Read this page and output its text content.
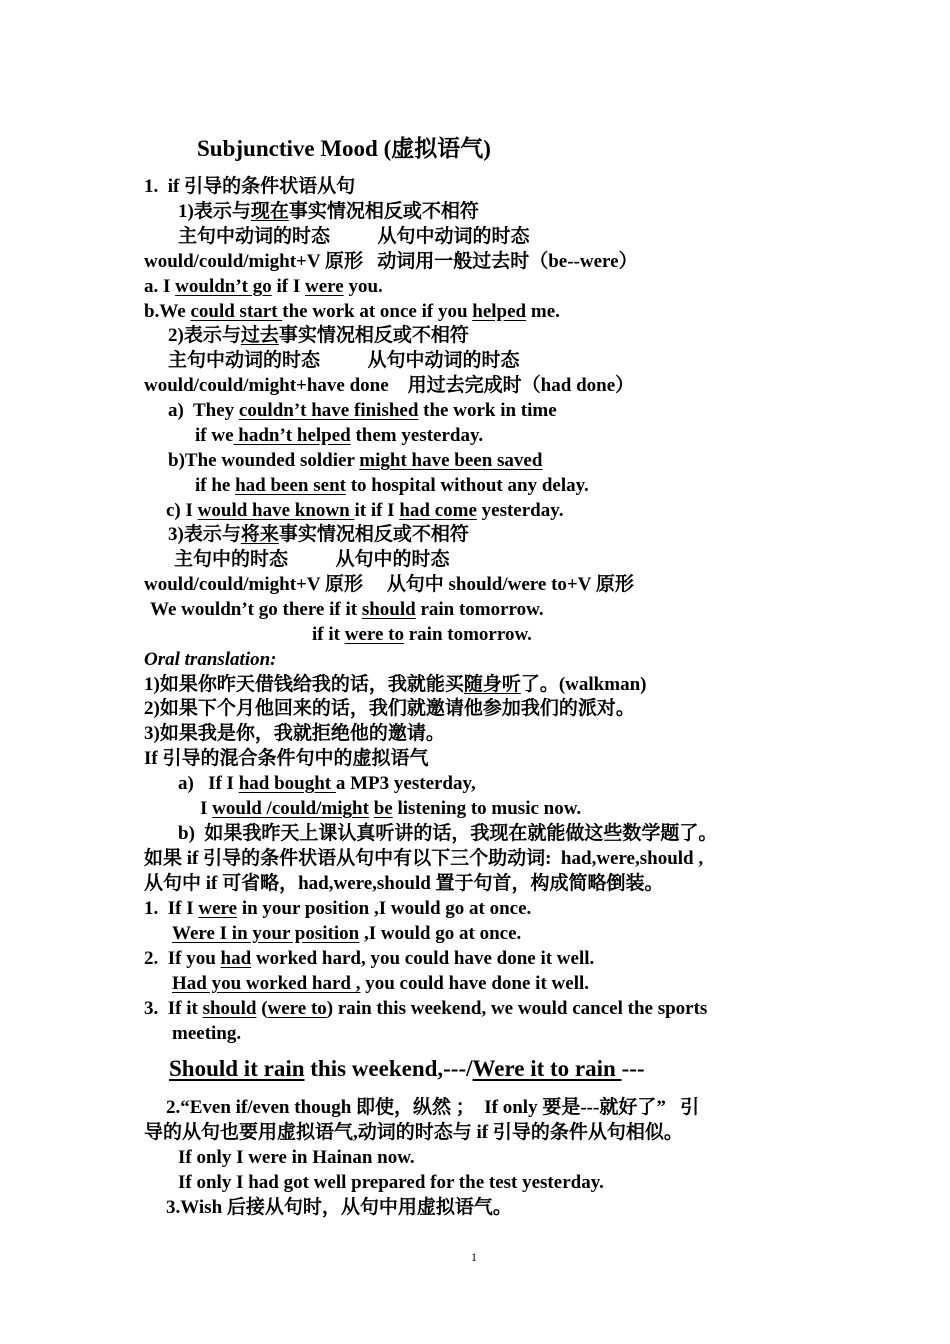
1
Subjunctive Mood (虚拟语气)
1.  if 引导的条件状语从句
1)表示与现在事实情况相反或不相符
主句中动词的时态          从句中动词的时态
would/could/might+V 原形   动词用一般过去时（be--were）
a. I wouldn’t go if I were you.
b.We could start the work at once if you helped me.
2)表示与过去事实情况相反或不相符
主句中动词的时态          从句中动词的时态
would/could/might+have done    用过去完成时（had done）
a)  They couldn’t have finished the work in time
if we hadn’t helped them yesterday.
b)The wounded soldier might have been saved
if he had been sent to hospital without any delay.
c) I would have known it if I had come yesterday.
3)表示与将来事实情况相反或不相符
主句中的时态          从句中的时态
would/could/might+V 原形     从句中 should/were to+V 原形
We wouldn’t go there if it should rain tomorrow.
if it were to rain tomorrow.
Oral translation:
1)如果你昨天借钱给我的话，我就能买随身听了。(walkman)
2)如果下个月他回来的话，我们就邀请他参加我们的派对。
3)如果我是你，我就拒绝他的邀请。
If 引导的混合条件句中的虚拟语气
a)   If I had bought a MP3 yesterday,
I would /could/might be listening to music now.
b)  如果我昨天上课认真听讲的话，我现在就能做这些数学题了。
如果 if 引导的条件状语从句中有以下三个助动词:  had,were,should ,
从句中 if 可省略，had,were,should 置于句首，构成简略倒装。
1.  If I were in your position ,I would go at once.
Were I in your position ,I would go at once.
2.  If you had worked hard, you could have done it well.
Had you worked hard , you could have done it well.
3.  If it should (were to) rain this weekend, we would cancel the sports
meeting.
Should it rain this weekend,---/Were it to rain ---
2.“Even if/even though 即使，纵然 ；  If only 要是---就好了”   引
导的从句也要用虚拟语气,动词的时态与 if 引导的条件从句相似。
If only I were in Hainan now.
If only I had got well prepared for the test yesterday.
3.Wish 后接从句时，从句中用虚拟语气。
